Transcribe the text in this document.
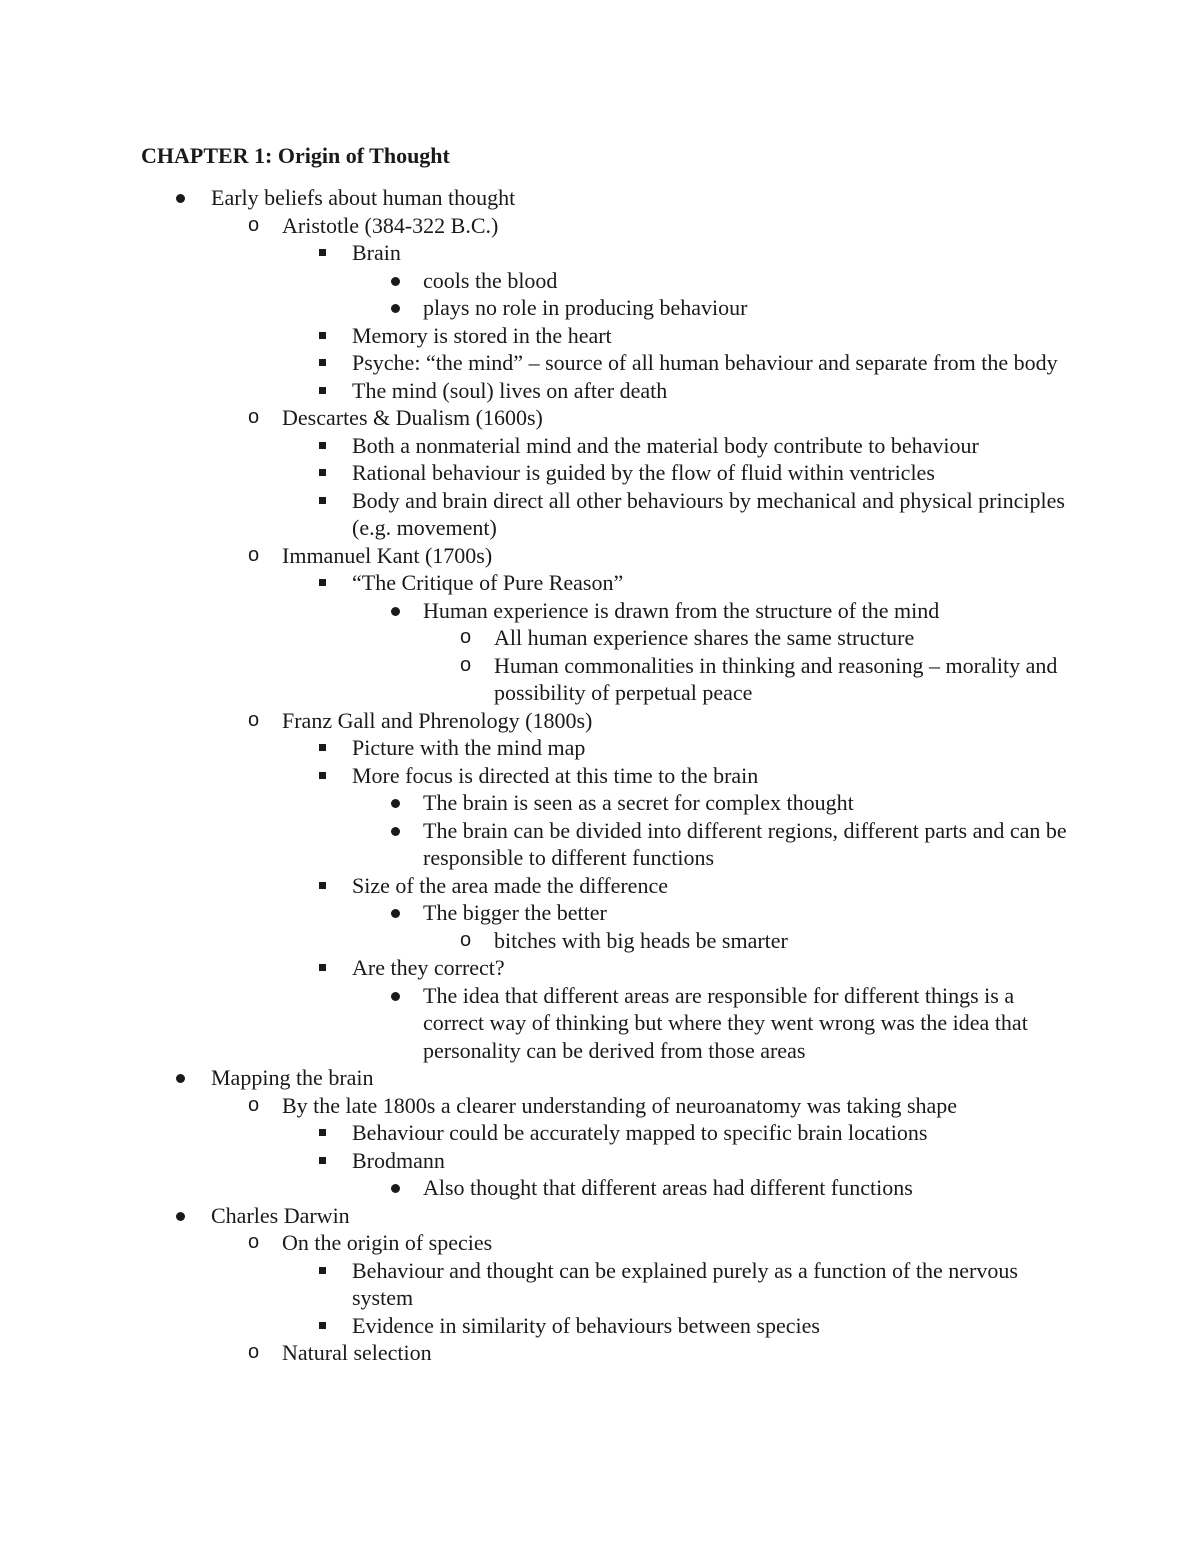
CHAPTER 1: Origin of Thought
Early beliefs about human thought
Aristotle (384-322 B.C.)
Brain
cools the blood
plays no role in producing behaviour
Memory is stored in the heart
Psyche: “the mind” – source of all human behaviour and separate from the body
The mind (soul) lives on after death
Descartes & Dualism (1600s)
Both a nonmaterial mind and the material body contribute to behaviour
Rational behaviour is guided by the flow of fluid within ventricles
Body and brain direct all other behaviours by mechanical and physical principles (e.g. movement)
Immanuel Kant (1700s)
“The Critique of Pure Reason”
Human experience is drawn from the structure of the mind
All human experience shares the same structure
Human commonalities in thinking and reasoning – morality and possibility of perpetual peace
Franz Gall and Phrenology (1800s)
Picture with the mind map
More focus is directed at this time to the brain
The brain is seen as a secret for complex thought
The brain can be divided into different regions, different parts and can be responsible to different functions
Size of the area made the difference
The bigger the better
bitches with big heads be smarter
Are they correct?
The idea that different areas are responsible for different things is a correct way of thinking but where they went wrong was the idea that personality can be derived from those areas
Mapping the brain
By the late 1800s a clearer understanding of neuroanatomy was taking shape
Behaviour could be accurately mapped to specific brain locations
Brodmann
Also thought that different areas had different functions
Charles Darwin
On the origin of species
Behaviour and thought can be explained purely as a function of the nervous system
Evidence in similarity of behaviours between species
Natural selection
